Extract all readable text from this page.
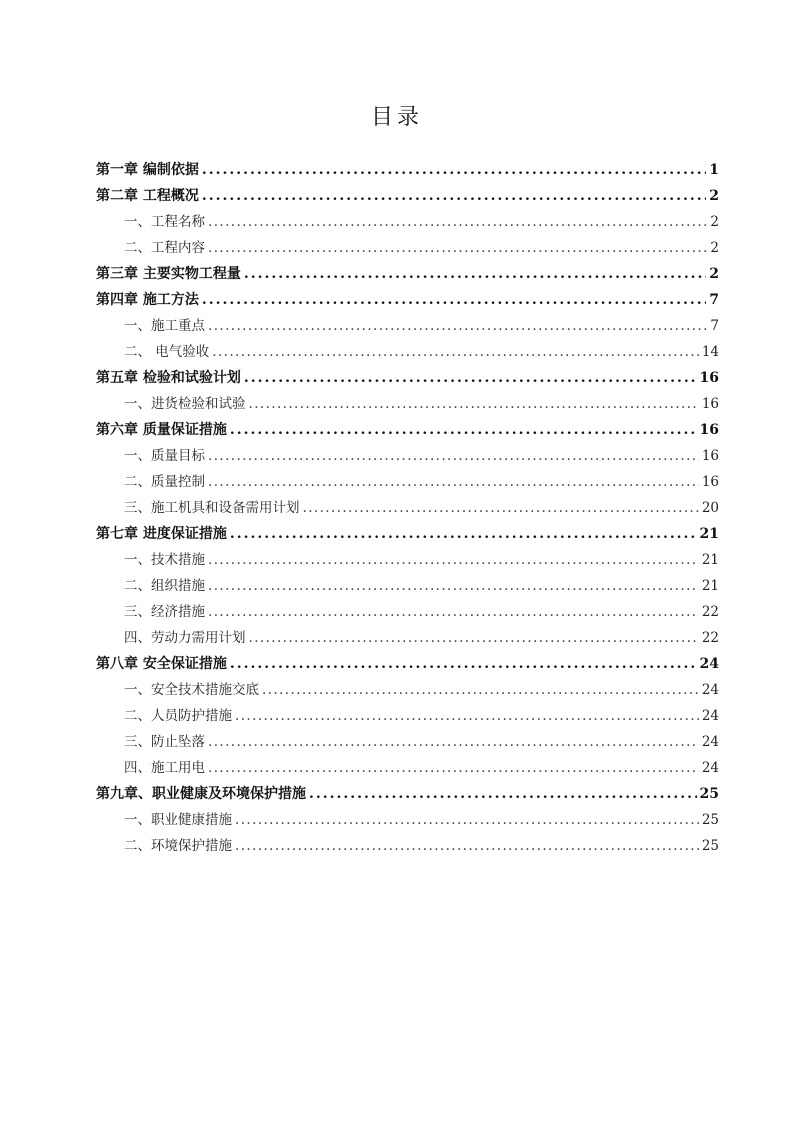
目录
第一章 编制依据 .....	1
第二章 工程概况 .....	2
一、工程名称 .....	2
二、工程内容 .....	2
第三章 主要实物工程量 .....	2
第四章 施工方法 .....	7
一、施工重点 .....	7
二、 电气验收 .....	14
第五章 检验和试验计划 .....	16
一、进货检验和试验 .....	16
第六章 质量保证措施 .....	16
一、质量目标 .....	16
二、质量控制 .....	16
三、施工机具和设备需用计划 .....	20
第七章 进度保证措施 .....	21
一、技术措施 .....	21
二、组织措施 .....	21
三、经济措施 .....	22
四、劳动力需用计划 .....	22
第八章 安全保证措施 .....	24
一、安全技术措施交底 .....	24
二、人员防护措施 .....	24
三、防止坠落 .....	24
四、施工用电 .....	24
第九章、职业健康及环境保护措施 .....	25
一、职业健康措施 .....	25
二、环境保护措施 .....	25
